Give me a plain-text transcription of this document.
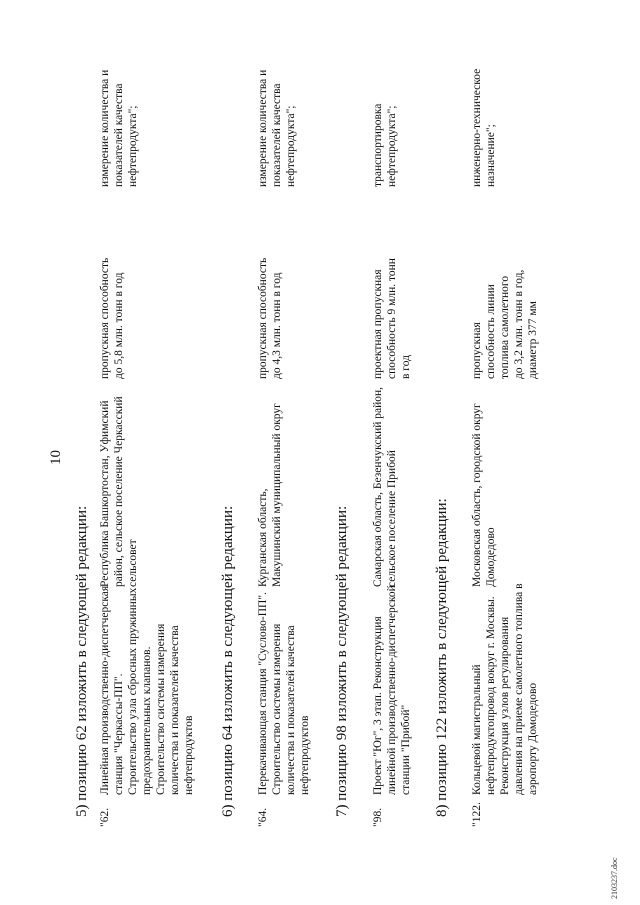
10
5) позицию 62 изложить в следующей редакции:
"62.
Линейная производственно-диспетчерская станция "Черкассы-ПП". Строительство узла сбросных пружинных предохранительных клапанов. Строительство системы измерения количества и показателей качества нефтепродуктов
Республика Башкортостан, Уфимский район, сельское поселение Черкасский сельсовет
пропускная способность до 5,8 млн. тонн в год
измерение количества и показателей качества нефтепродукта";
6) позицию 64 изложить в следующей редакции:
"64.
Перекачивающая станция "Суслово-ПП". Строительство системы измерения количества и показателей качества нефтепродуктов
Курганская область, Макушинский муниципальный округ
пропускная способность до 4,3 млн. тонн в год
измерение количества и показателей качества нефтепродукта";
7) позицию 98 изложить в следующей редакции:
"98.
Проект "Юг", 3 этап. Реконструкция линейной производственно-диспетчерской станции "Прибой"
Самарская область, Безенчукский район, сельское поселение Прибой
проектная пропускная способность 9 млн. тонн в год
транспортировка нефтепродукта";
8) позицию 122 изложить в следующей редакции: "122.
Кольцевой магистральный нефтепродуктопровод вокруг г. Москвы. Реконструкция узлов регулирования давления на приеме самолетного топлива в аэропорту Домодедово
Московская область, городской округ Домодедово
пропускная способность линии топлива самолетного до 3,2 млн. тонн в год, диаметр 377 мм
инженерно-техническое назначение";
2103237.doc
